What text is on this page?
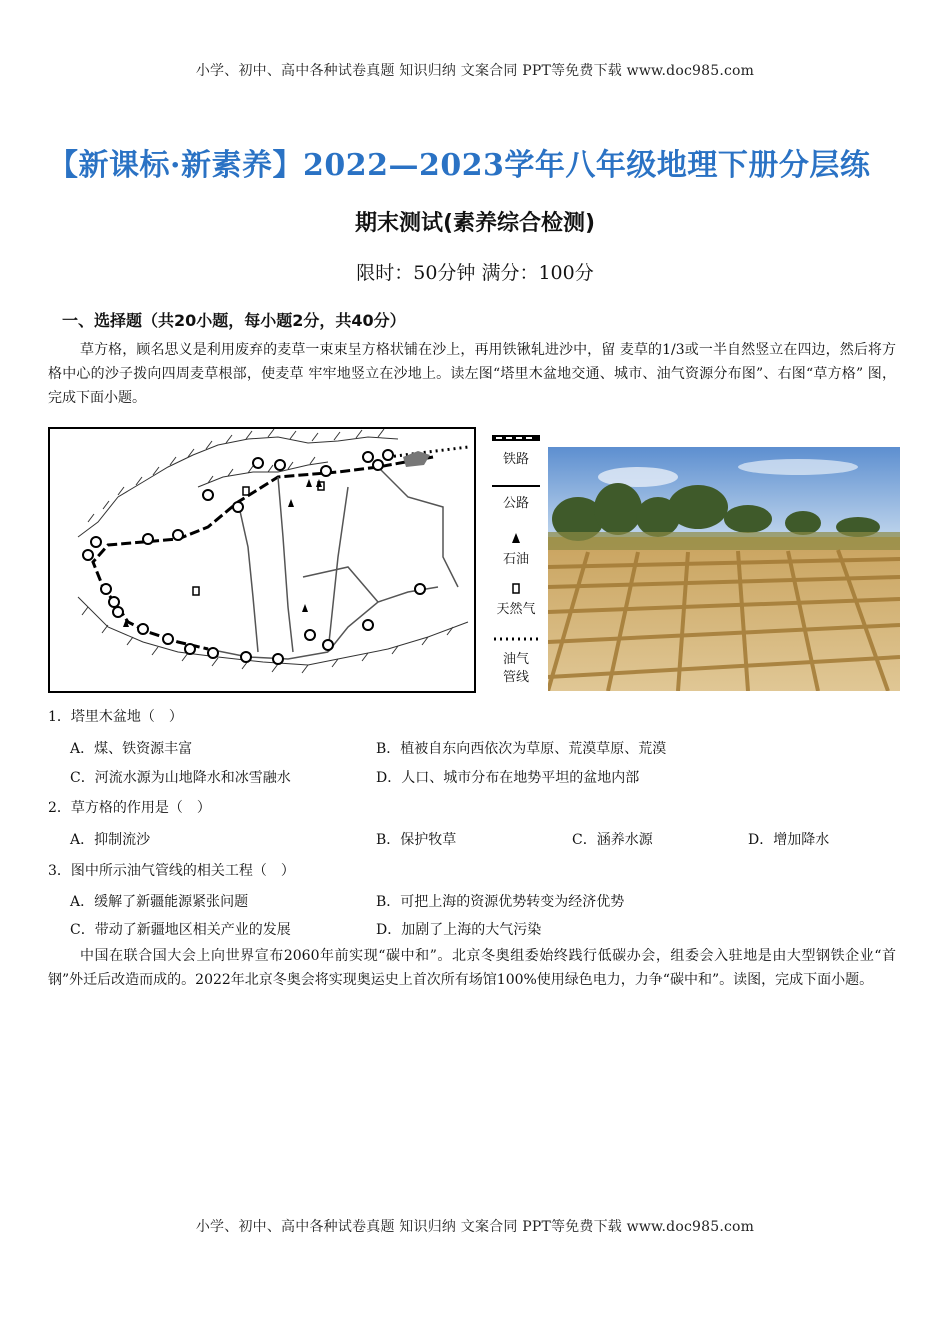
小学、初中、高中各种试卷真题 知识归纳 文案合同 PPT等免费下载 www.doc985.com
【新课标·新素养】2022—2023学年八年级地理下册分层练
期末测试(素养综合检测)
限时：50分钟 满分：100分
一、选择题（共20小题，每小题2分，共40分）
草方格，顾名思义是利用废弃的麦草一束束呈方格状铺在沙上，再用铁锹轧进沙中，留 麦草的1/3或一半自然竖立在四边，然后将方格中心的沙子拨向四周麦草根部，使麦草 牢牢地竖立在沙地上。读左图“塔里木盆地交通、城市、油气资源分布图”、右图“草方格” 图，完成下面小题。
铁路
公路
石油
天然气
油气
管线
1．塔里木盆地（　）
A．煤、铁资源丰富	B．植被自东向西依次为草原、荒漠草原、荒漠
C．河流水源为山地降水和冰雪融水	D．人口、城市分布在地势平坦的盆地内部
2．草方格的作用是（　）
A．抑制流沙	B．保护牧草	C．涵养水源	D．增加降水
3．图中所示油气管线的相关工程（　）
A．缓解了新疆能源紧张问题	B．可把上海的资源优势转变为经济优势
C．带动了新疆地区相关产业的发展	D．加剧了上海的大气污染
中国在联合国大会上向世界宣布2060年前实现“碳中和”。北京冬奥组委始终践行低碳办会，组委会入驻地是由大型钢铁企业“首钢”外迁后改造而成的。2022年北京冬奥会将实现奥运史上首次所有场馆100%使用绿色电力，力争“碳中和”。读图，完成下面小题。
小学、初中、高中各种试卷真题 知识归纳 文案合同 PPT等免费下载 www.doc985.com
